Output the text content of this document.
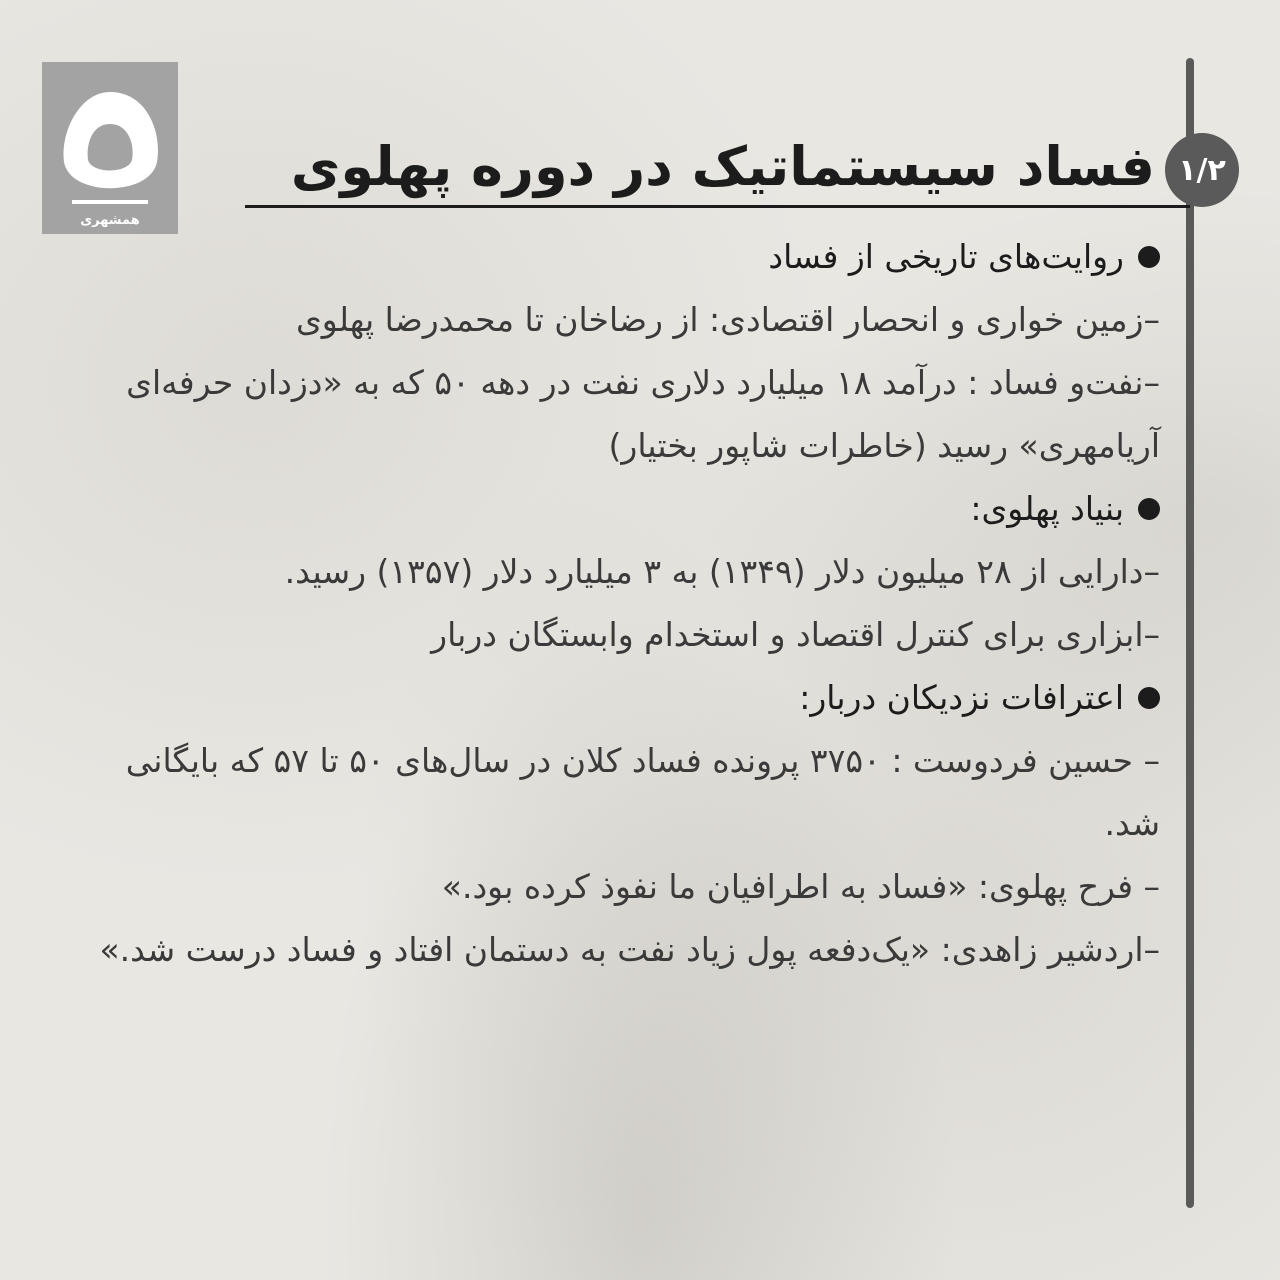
همشهری
۱/۲
فساد سیستماتیک در دوره پهلوی
روایت‌های تاریخی از فساد
–زمین خواری و انحصار اقتصادی: از رضاخان تا محمدرضا پهلوی
–نفت‌و فساد : درآمد ۱۸ میلیارد دلاری نفت در دهه ۵۰ که به «دزدان حرفه‌ای آریامهری» رسید (خاطرات شاپور بختیار)
بنیاد پهلوی:
–دارایی از ۲۸ میلیون دلار (۱۳۴۹) به ۳ میلیارد دلار (۱۳۵۷) رسید.
–ابزاری برای کنترل اقتصاد و استخدام وابستگان دربار
اعترافات نزدیکان دربار:
– حسین فردوست : ۳۷۵۰ پرونده فساد کلان در سال‌های ۵۰ تا ۵۷ که بایگانی شد.
– فرح پهلوی: «فساد به اطرافیان ما نفوذ کرده بود.»
–اردشیر زاهدی: «یک‌دفعه پول زیاد نفت به دستمان افتاد و فساد درست شد.»
